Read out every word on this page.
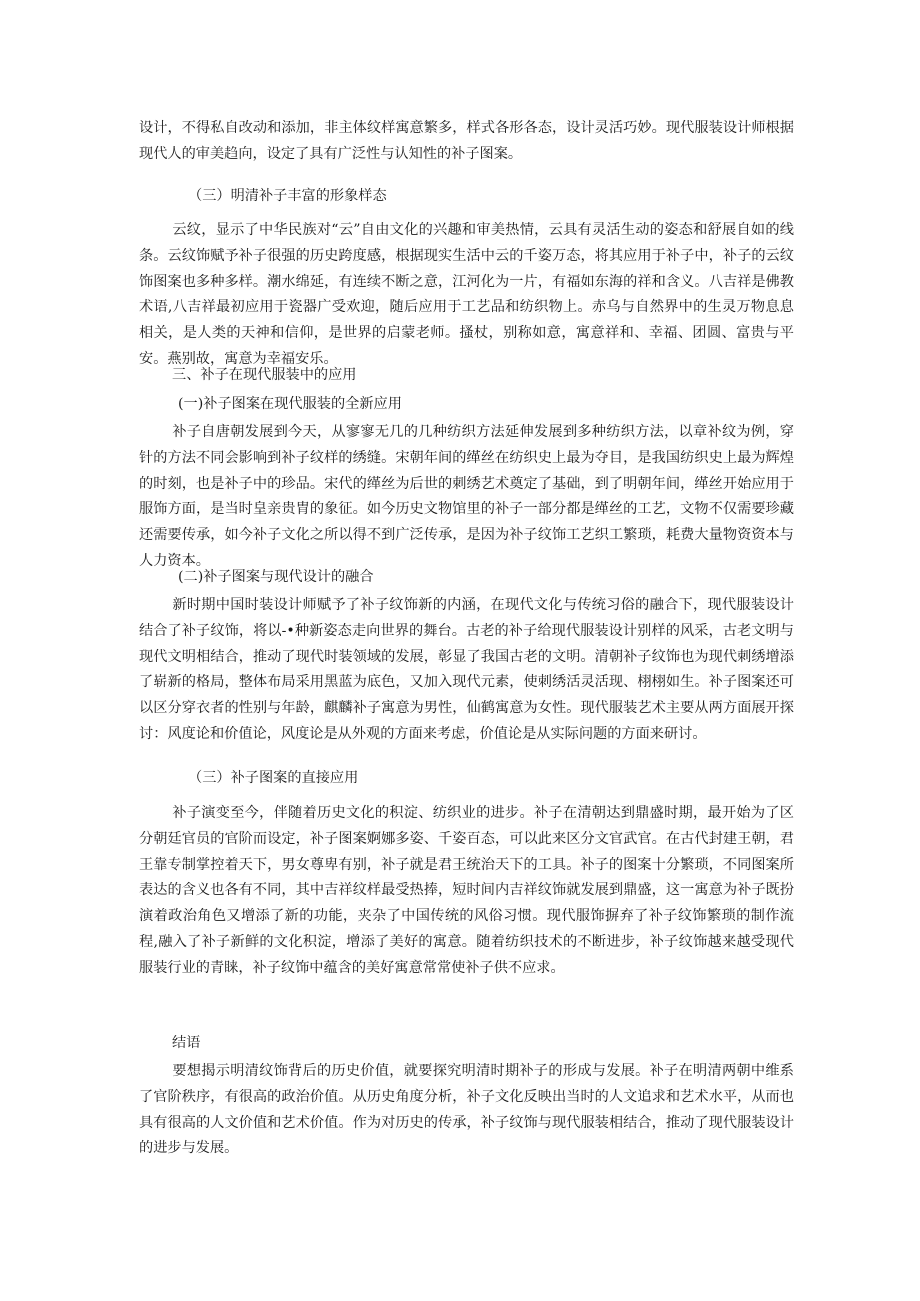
设计，不得私自改动和添加，非主体纹样寓意繁多，样式各形各态，设计灵活巧妙。现代服装设计师根据现代人的审美趋向，设定了具有广泛性与认知性的补子图案。

（三）明清补子丰富的形象样态

云纹，显示了中华民族对“云”自由文化的兴趣和审美热情，云具有灵活生动的姿态和舒展自如的线条。云纹饰赋予补子很强的历史跨度感，根据现实生活中云的千姿万态，将其应用于补子中，补子的云纹饰图案也多种多样。潮水绵延，有连续不断之意，江河化为一片，有福如东海的祥和含义。八吉祥是佛教术语,八吉祥最初应用于瓷器广受欢迎，随后应用于工艺品和纺织物上。赤乌与自然界中的生灵万物息息相关，是人类的天神和信仰，是世界的启蒙老师。搔杖，别称如意，寓意祥和、幸福、团圆、富贵与平安。燕别故，寓意为幸福安乐。

三、补子在现代服装中的应用

(一)补子图案在现代服装的全新应用

补子自唐朝发展到今天，从寥寥无几的几种纺织方法延伸发展到多种纺织方法，以章补纹为例，穿针的方法不同会影响到补子纹样的绣缝。宋朝年间的缂丝在纺织史上最为夺目，是我国纺织史上最为辉煌的时刻，也是补子中的珍品。宋代的缂丝为后世的刺绣艺术奠定了基础，到了明朝年间，缂丝开始应用于服饰方面，是当时皇亲贵胄的象征。如今历史文物馆里的补子一部分都是缂丝的工艺，文物不仅需要珍藏还需要传承，如今补子文化之所以得不到广泛传承，是因为补子纹饰工艺织工繁琐，耗费大量物资资本与人力资本。

(二)补子图案与现代设计的融合

新时期中国时装设计师赋予了补子纹饰新的内涵，在现代文化与传统习俗的融合下，现代服装设计结合了补子纹饰，将以-•种新姿态走向世界的舞台。古老的补子给现代服装设计别样的风采，古老文明与现代文明相结合，推动了现代时装领域的发展，彰显了我国古老的文明。清朝补子纹饰也为现代刺绣增添了崭新的格局，整体布局采用黑蓝为底色，又加入现代元素，使刺绣活灵活现、栩栩如生。补子图案还可以区分穿衣者的性别与年龄，麒麟补子寓意为男性，仙鹤寓意为女性。现代服装艺术主要从两方面展开探讨：风度论和价值论，风度论是从外观的方面来考虑，价值论是从实际问题的方面来研讨。

（三）补子图案的直接应用

补子演变至今，伴随着历史文化的积淀、纺织业的进步。补子在清朝达到鼎盛时期，最开始为了区分朝廷官员的官阶而设定，补子图案婀娜多姿、千姿百态，可以此来区分文官武官。在古代封建王朝，君王靠专制掌控着天下，男女尊卑有别，补子就是君王统治天下的工具。补子的图案十分繁琐，不同图案所表达的含义也各有不同，其中吉祥纹样最受热捧，短时间内吉祥纹饰就发展到鼎盛，这一寓意为补子既扮演着政治角色又增添了新的功能，夹杂了中国传统的风俗习惯。现代服饰摒弃了补子纹饰繁琐的制作流程,融入了补子新鲜的文化积淀，增添了美好的寓意。随着纺织技术的不断进步，补子纹饰越来越受现代服装行业的青睐，补子纹饰中蕴含的美好寓意常常使补子供不应求。

结语

要想揭示明清纹饰背后的历史价值，就要探究明清时期补子的形成与发展。补子在明清两朝中维系了官阶秩序，有很高的政治价值。从历史角度分析，补子文化反映出当时的人文追求和艺术水平，从而也具有很高的人文价值和艺术价值。作为对历史的传承，补子纹饰与现代服装相结合，推动了现代服装设计的进步与发展。
